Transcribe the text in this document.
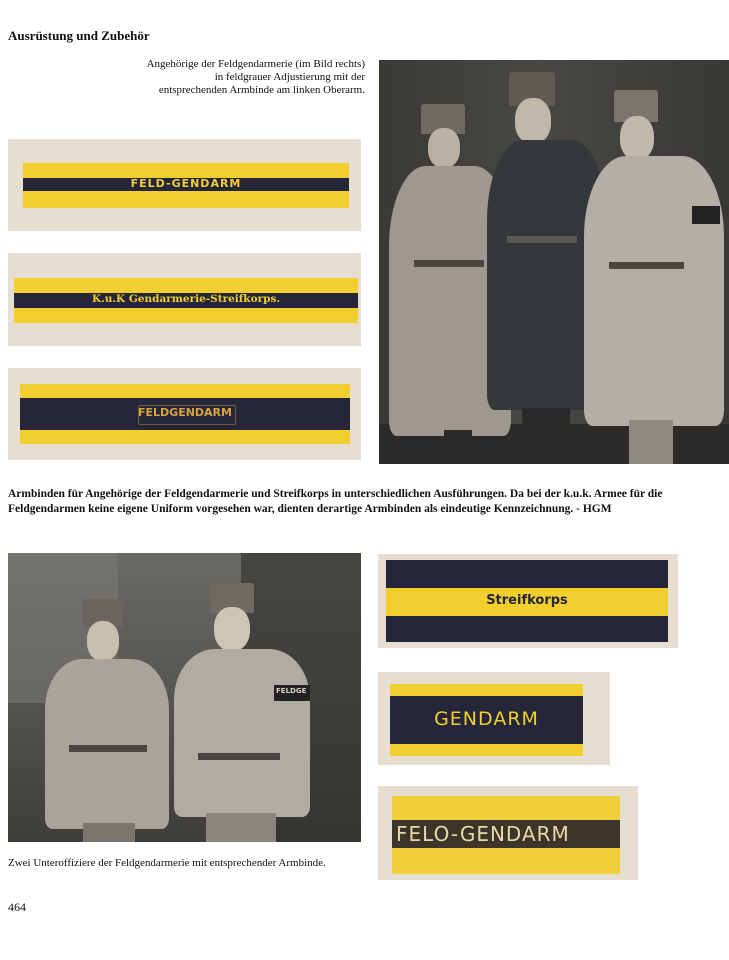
Ausrüstung und Zubehör
Angehörige der Feldgendarmerie (im Bild rechts) in feldgrauer Adjustierung mit der entsprechenden Armbinde am linken Oberarm.
FELD-GENDARM
K.u.K Gendarmerie-Streifkorps.
FELDGENDARM
Armbinden für Angehörige der Feldgendarmerie und Streifkorps in unterschiedlichen Ausführungen. Da bei der k.u.k. Armee für die Feldgendarmen keine eigene Uniform vorgesehen war, dienten derartige Armbinden als eindeutige Kennzeichnung. - HGM
FELDGE
Streifkorps
GENDARM
FELO-GENDARM
Zwei Unteroffiziere der Feldgendarmerie mit entsprechender Armbinde.
464
